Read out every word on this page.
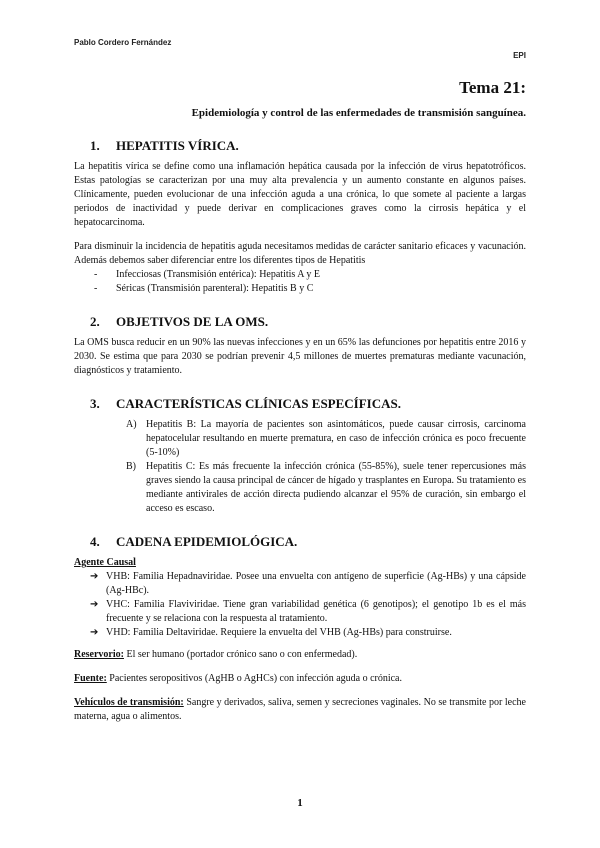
Pablo Cordero Fernández
EPI
Tema 21:
Epidemiología y control de las enfermedades de transmisión sanguínea.
1. HEPATITIS VÍRICA.

La hepatitis vírica se define como una inflamación hepática causada por la infección de virus hepatotróficos. Estas patologías se caracterizan por una muy alta prevalencia y un aumento constante en algunos países. Clínicamente, pueden evolucionar de una infección aguda a una crónica, lo que somete al paciente a largas periodos de inactividad y puede derivar en complicaciones graves como la cirrosis hepática y el hepatocarcinoma.

Para disminuir la incidencia de hepatitis aguda necesitamos medidas de carácter sanitario eficaces y vacunación. Además debemos saber diferenciar entre los diferentes tipos de Hepatitis

- Infecciosas (Transmisión entérica): Hepatitis A y E
- Séricas (Transmisión parenteral): Hepatitis B y C
2. OBJETIVOS DE LA OMS.

La OMS busca reducir en un 90% las nuevas infecciones y en un 65% las defunciones por hepatitis entre 2016 y 2030. Se estima que para 2030 se podrían prevenir 4,5 millones de muertes prematuras mediante vacunación, diagnósticos y tratamiento.

3. CARACTERÍSTICAS CLÍNICAS ESPECÍFICAS.
A) Hepatitis B: La mayoría de pacientes son asintomáticos, puede causar cirrosis, carcinoma hepatocelular resultando en muerte prematura, en caso de infección crónica es poco frecuente (5-10%)
B) Hepatitis C: Es más frecuente la infección crónica (55-85%), suele tener repercusiones más graves siendo la causa principal de cáncer de hígado y trasplantes en Europa. Su tratamiento es mediante antivirales de acción directa pudiendo alcanzar el 95% de curación, sin embargo el acceso es escaso.
4. CADENA EPIDEMIOLÓGICA.

Agente Causal

➔ VHB: Familia Hepadnaviridae. Posee una envuelta con antígeno de superficie (Ag-HBs) y una cápside (Ag-HBc).
➔ VHC: Familia Flaviviridae. Tiene gran variabilidad genética (6 genotipos); el genotipo 1b es el más frecuente y se relaciona con la respuesta al tratamiento.
➔ VHD: Familia Deltaviridae. Requiere la envuelta del VHB (Ag-HBs) para construirse.

Reservorio: El ser humano (portador crónico sano o con enfermedad).

Fuente: Pacientes seropositivos (AgHB o AgHCs) con infección aguda o crónica.

Vehículos de transmisión: Sangre y derivados, saliva, semen y secreciones vaginales. No se transmite por leche materna, agua o alimentos.

1
